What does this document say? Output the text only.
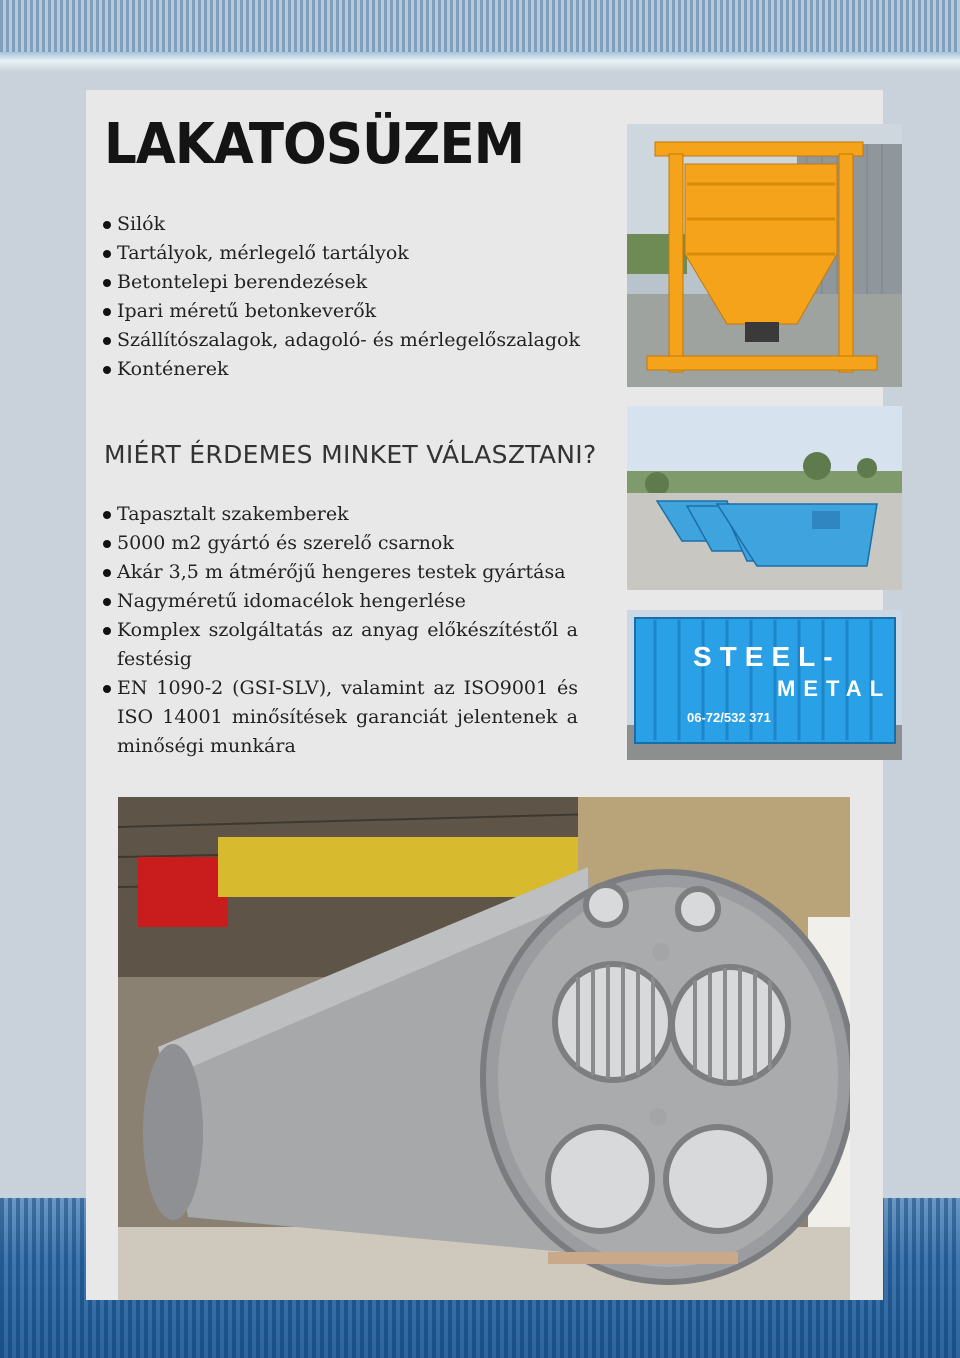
LAKATOSÜZEM
Silók
Tartályok, mérlegelő tartályok
Betontelepi berendezések
Ipari méretű betonkeverők
Szállítószalagok, adagoló- és mérlegelőszalagok
Konténerek
MIÉRT ÉRDEMES MINKET VÁLASZTANI?
Tapasztalt szakemberek
5000 m2 gyártó és szerelő csarnok
Akár 3,5 m átmérőjű hengeres testek gyártása
Nagyméretű idomacélok hengerlése
Komplex szolgáltatás az anyag előkészítéstől a festésig
EN 1090-2 (GSI-SLV), valamint az ISO9001 és ISO 14001 minősítések garanciát jelentenek a minőségi munkára
STEEL-
METAL
06-72/532 371
